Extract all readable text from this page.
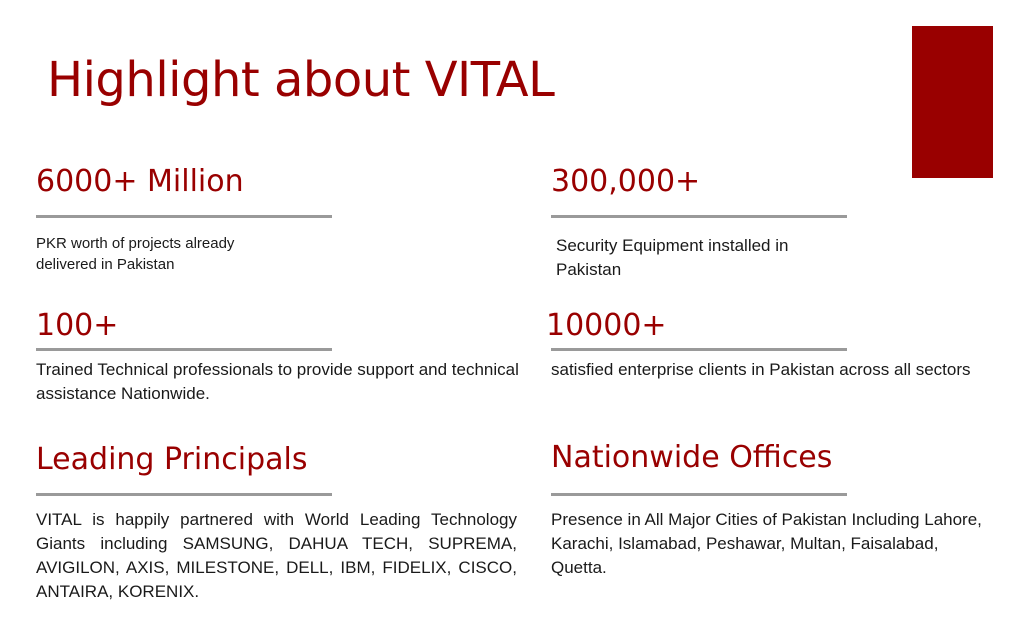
Highlight about VITAL
6000+ Million
PKR worth of projects already
delivered in Pakistan
300,000+
Security Equipment installed in Pakistan
100+
Trained Technical professionals to provide support and technical assistance Nationwide.
10000+
satisfied enterprise clients in Pakistan across all sectors
Leading Principals
VITAL is happily partnered with World Leading Technology Giants including SAMSUNG, DAHUA TECH, SUPREMA, AVIGILON, AXIS, MILESTONE, DELL, IBM, FIDELIX, CISCO, ANTAIRA, KORENIX.
Nationwide Offices
Presence in All Major Cities of Pakistan Including Lahore, Karachi, Islamabad, Peshawar, Multan, Faisalabad, Quetta.
